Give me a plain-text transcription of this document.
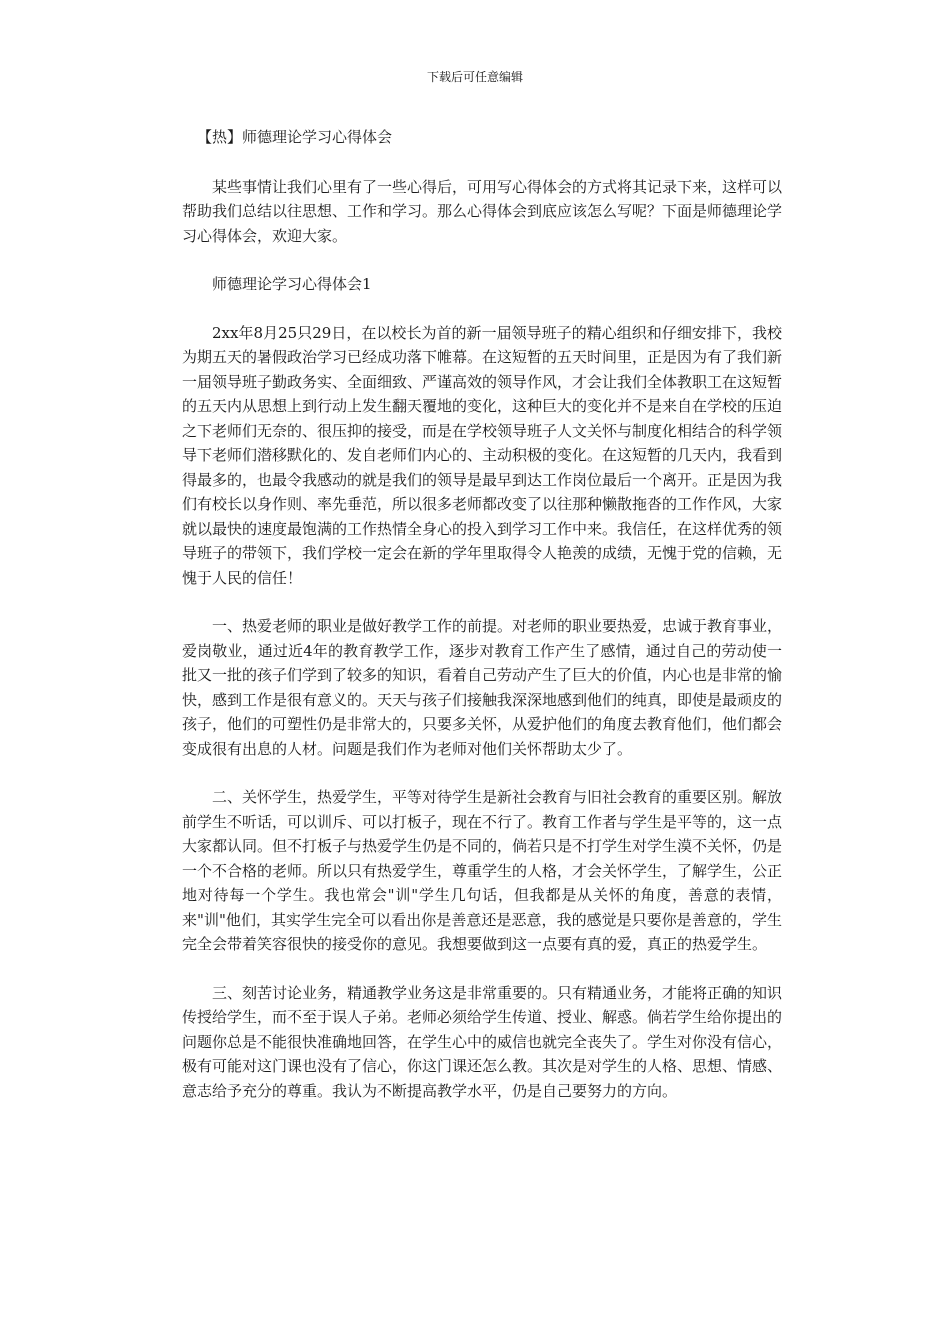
下载后可任意编辑
【热】师德理论学习心得体会

某些事情让我们心里有了一些心得后，可用写心得体会的方式将其记录下来，这样可以帮助我们总结以往思想、工作和学习。那么心得体会到底应该怎么写呢？下面是师德理论学习心得体会，欢迎大家。

师德理论学习心得体会1

2xx年8月25只29日，在以校长为首的新一届领导班子的精心组织和仔细安排下，我校为期五天的暑假政治学习已经成功落下帷幕。在这短暂的五天时间里，正是因为有了我们新一届领导班子勤政务实、全面细致、严谨高效的领导作风，才会让我们全体教职工在这短暂的五天内从思想上到行动上发生翻天覆地的变化，这种巨大的变化并不是来自在学校的压迫之下老师们无奈的、很压抑的接受，而是在学校领导班子人文关怀与制度化相结合的科学领导下老师们潜移默化的、发自老师们内心的、主动积极的变化。在这短暂的几天内，我看到得最多的，也最令我感动的就是我们的领导是最早到达工作岗位最后一个离开。正是因为我们有校长以身作则、率先垂范，所以很多老师都改变了以往那种懒散拖沓的工作作风，大家就以最快的速度最饱满的工作热情全身心的投入到学习工作中来。我信任，在这样优秀的领导班子的带领下，我们学校一定会在新的学年里取得令人艳羡的成绩，无愧于党的信赖，无愧于人民的信任！

一、热爱老师的职业是做好教学工作的前提。对老师的职业要热爱，忠诚于教育事业，爱岗敬业，通过近4年的教育教学工作，逐步对教育工作产生了感情，通过自己的劳动使一批又一批的孩子们学到了较多的知识，看着自己劳动产生了巨大的价值，内心也是非常的愉快，感到工作是很有意义的。天天与孩子们接触我深深地感到他们的纯真，即使是最顽皮的孩子，他们的可塑性仍是非常大的，只要多关怀，从爱护他们的角度去教育他们，他们都会变成很有出息的人材。问题是我们作为老师对他们关怀帮助太少了。

二、关怀学生，热爱学生，平等对待学生是新社会教育与旧社会教育的重要区别。解放前学生不听话，可以训斥、可以打板子，现在不行了。教育工作者与学生是平等的，这一点大家都认同。但不打板子与热爱学生仍是不同的，倘若只是不打学生对学生漠不关怀，仍是一个不合格的老师。所以只有热爱学生，尊重学生的人格，才会关怀学生，了解学生，公正地对待每一个学生。我也常会"训"学生几句话，但我都是从关怀的角度，善意的表情，来"训"他们，其实学生完全可以看出你是善意还是恶意，我的感觉是只要你是善意的，学生完全会带着笑容很快的接受你的意见。我想要做到这一点要有真的爱，真正的热爱学生。

三、刻苦讨论业务，精通教学业务这是非常重要的。只有精通业务，才能将正确的知识传授给学生，而不至于误人子弟。老师必须给学生传道、授业、解惑。倘若学生给你提出的问题你总是不能很快准确地回答，在学生心中的威信也就完全丧失了。学生对你没有信心，极有可能对这门课也没有了信心，你这门课还怎么教。其次是对学生的人格、思想、情感、意志给予充分的尊重。我认为不断提高教学水平，仍是自己要努力的方向。
